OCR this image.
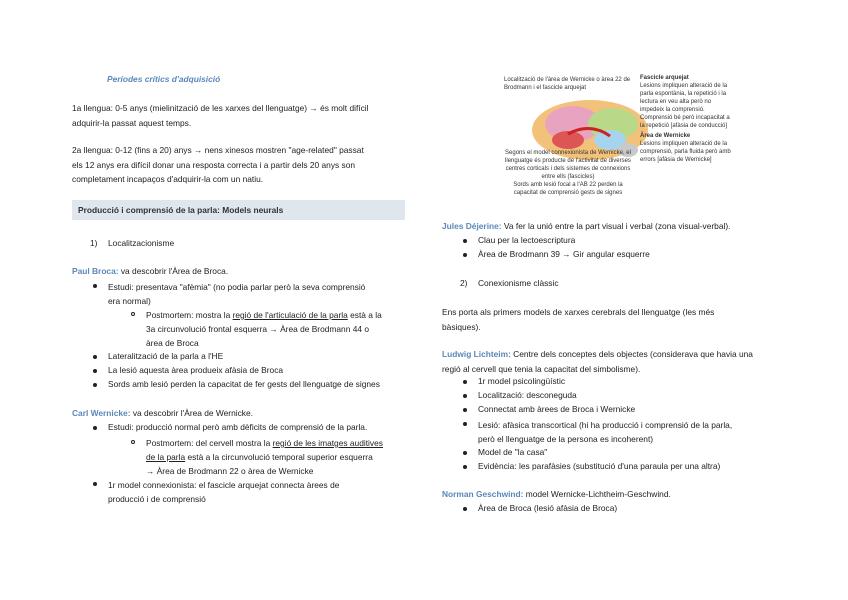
Períodes crítics d'adquisició
1a llengua: 0-5 anys (mielinització de les xarxes del llenguatge) → és molt difícil
adquirir-la passat aquest temps.
2a llengua: 0-12 (fins a 20) anys → nens xinesos mostren "age-related" passat
els 12 anys era difícil donar una resposta correcta i a partir dels 20 anys son
completament incapaços d'adquirir-la com un natiu.
Producció i comprensió de la parla: Models neurals
1) Localitzacionisme
Paul Broca: va descobrir l'Àrea de Broca.
Estudi: presentava "afèmia" (no podia parlar però la seva comprensió
era normal)
Postmortem: mostra la regió de l'articulació de la parla està a la
3a circunvolució frontal esquerra → Àrea de Brodmann 44 o
àrea de Broca
Lateralització de la parla a l'HE
La lesió aquesta àrea produeix afàsia de Broca
Sords amb lesió perden la capacitat de fer gests del llenguatge de signes
Carl Wernicke: va descobrir l'Àrea de Wernicke.
Estudi: producció normal però amb dèficits de comprensió de la parla.
Postmortem: del cervell mostra la regió de les imatges auditives
de la parla està a la circunvolució temporal superior esquerra
→ Àrea de Brodmann 22 o àrea de Wernicke
1r model connexionista: el fascicle arquejat connecta àrees de
producció i de comprensió
Localització de l'àrea de Wernicke o àrea 22 de Brodmann i el fascicle arquejat
Segons el model connexionista de Wernicke, el llenguatge és producte de l'activitat de diverses centres corticals i dels sistemes de connexions entre ells (fascicles)
Sords amb lesió focal a l'AB 22 perden la capacitat de comprensió gests de signes
Fascicle arquejat
Lesions impliquen alteració de la parla espontània, la repetició i la lectura en veu alta però no impedeix la comprensió. Comprensió bé però incapacitat a la repetició [afàsia de conducció]
Àrea de Wernicke
Lesions impliquen alteració de la comprensió, parla fluida però amb errors [afàsia de Wernicke]
Jules Déjerine: Va fer la unió entre la part visual i verbal (zona visual-verbal).
Clau per la lectoescriptura
Àrea de Brodmann 39 → Gir angular esquerre
2) Conexionisme clàssic
Ens porta als primers models de xarxes cerebrals del llenguatge (les més
bàsiques).
Ludwig Lichteim: Centre dels conceptes dels objectes (considerava que havia una
regió al cervell que tenia la capacitat del simbolisme).
1r model psicolingüístic
Localització: desconeguda
Connectat amb àrees de Broca i Wernicke
Lesió: afàsica transcortical (hi ha producció i comprensió de la parla,
però el llenguatge de la persona es incoherent)
Model de "la casa"
Evidència: les parafàsies (substitució d'una paraula per una altra)
Norman Geschwind: model Wernicke-Lichtheim-Geschwind.
Àrea de Broca (lesió afàsia de Broca)
